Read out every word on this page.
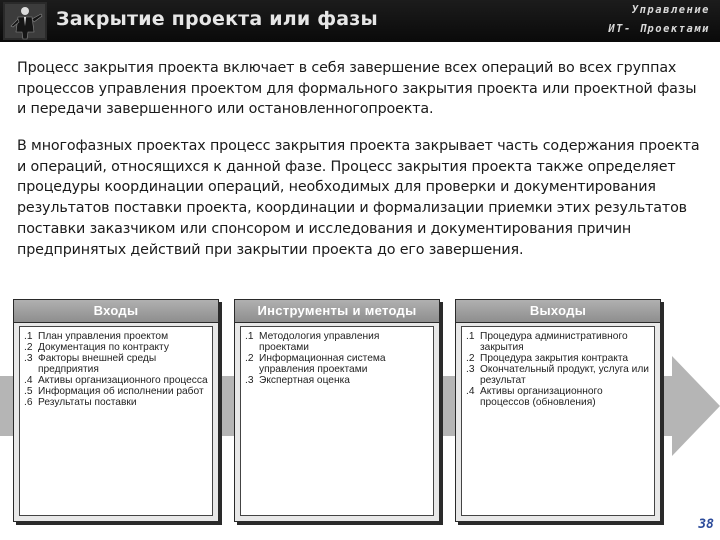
Закрытие проекта или фазы	Управление
ИТ- Проектами
Процесс закрытия проекта включает в себя завершение всех операций во всех группах процессов управления проектом для формального закрытия проекта или проектной фазы и передачи завершенного или остановленногопроекта.
В многофазных проектах процесс закрытия проекта закрывает часть содержания проекта и операций, относящихся к данной фазе. Процесс закрытия проекта также определяет процедуры координации операций, необходимых для проверки и документирования результатов поставки проекта, координации и формализации приемки этих результатов поставки заказчиком или спонсором и исследования и документирования причин предпринятых действий при закрытии проекта до его завершения.
Входы
.1 План управления проектом
.2 Документация по контракту
.3 Факторы внешней среды предприятия
.4 Активы организационного процесса
.5 Информация об исполнении работ
.6 Результаты поставки
Инструменты и методы
.1 Методология управления проектами
.2 Информационная система управления проектами
.3 Экспертная оценка
Выходы
.1 Процедура административного закрытия
.2 Процедура закрытия контракта
.3 Окончательный продукт, услуга или результат
.4 Активы организационного процессов (обновления)
38
